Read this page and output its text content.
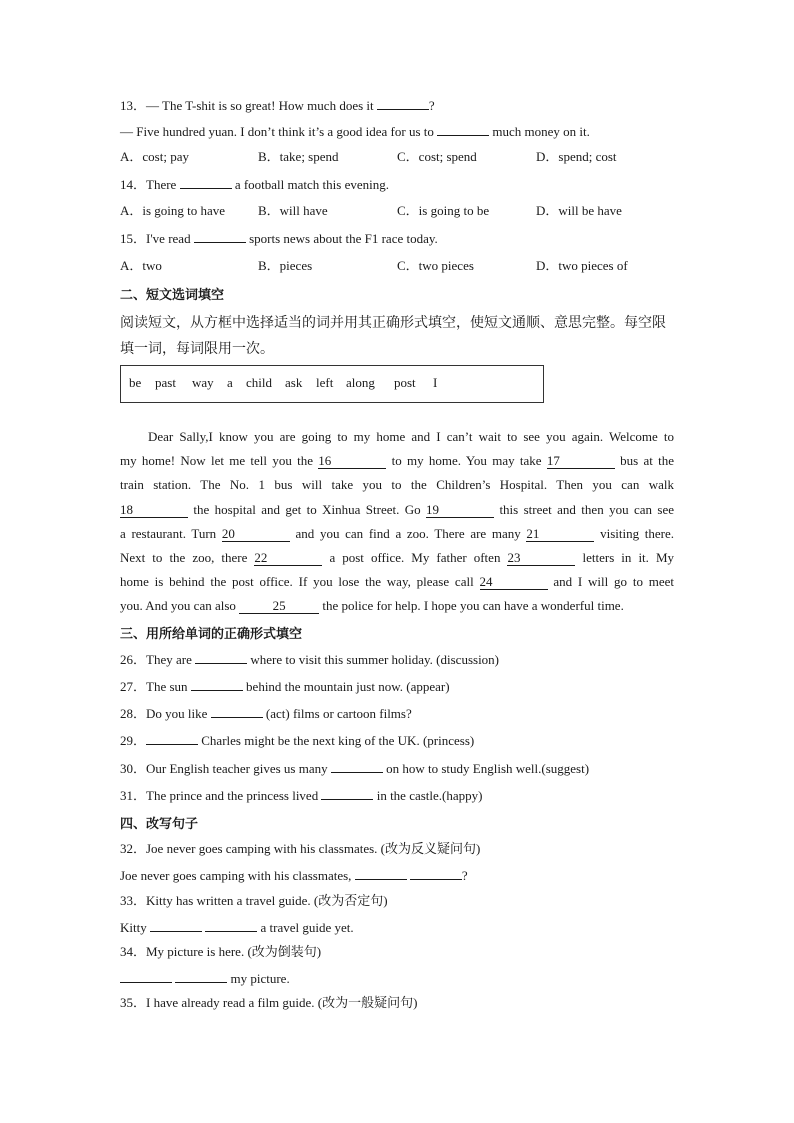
13．— The T-shit is so great! How much does it	?
— Five hundred yuan. I don’t think it’s a good idea for us to	much money on it.
A．cost; pay	B．take; spend	C．cost; spend	D．spend; cost
14．There	a football match this evening.
A．is going to have	B．will have	C．is going to be	D．will be have
15．I've read	sports news about the F1 race today.
A．two	B．pieces	C．two pieces	D．two pieces of
二、短文选词填空
阅读短文，从方框中选择适当的词并用其正确形式填空，使短文通顺、意思完整。每空限
填一词，每词限用一次。
be past way a child ask left along post I
Dear Sally,I know you are going to my home and I can’t wait to see you again. Welcome to
my home! Now let me tell you the 16	to my home. You may take 17	bus at the
train station. The No. 1 bus will take you to the Children’s Hospital. Then you can walk
18	the hospital and get to Xinhua Street. Go 19	this street and then you can see
a restaurant. Turn 20	and you can find a zoo. There are many 21	visiting there.
Next to the zoo, there 22	a post office. My father often 23	letters in it. My
home is behind the post office. If you lose the way, please call 24	and I will go to meet
you. And you can also	25	the police for help. I hope you can have a wonderful time.
三、用所给单词的正确形式填空
26．They are	where to visit this summer holiday. (discussion)
27．The sun	behind the mountain just now. (appear)
28．Do you like	(act) films or cartoon films?
29．	Charles might be the next king of the UK. (princess)
30．Our English teacher gives us many	on how to study English well.(suggest)
31．The prince and the princess lived	in the castle.(happy)
四、改写句子
32．Joe never goes camping with his classmates. (改为反义疑问句)
Joe never goes camping with his classmates,	?
33．Kitty has written a travel guide. (改为否定句)
Kitty	a travel guide yet.
34．My picture is here. (改为倒装句)
my picture.
35．I have already read a film guide. (改为一般疑问句)
